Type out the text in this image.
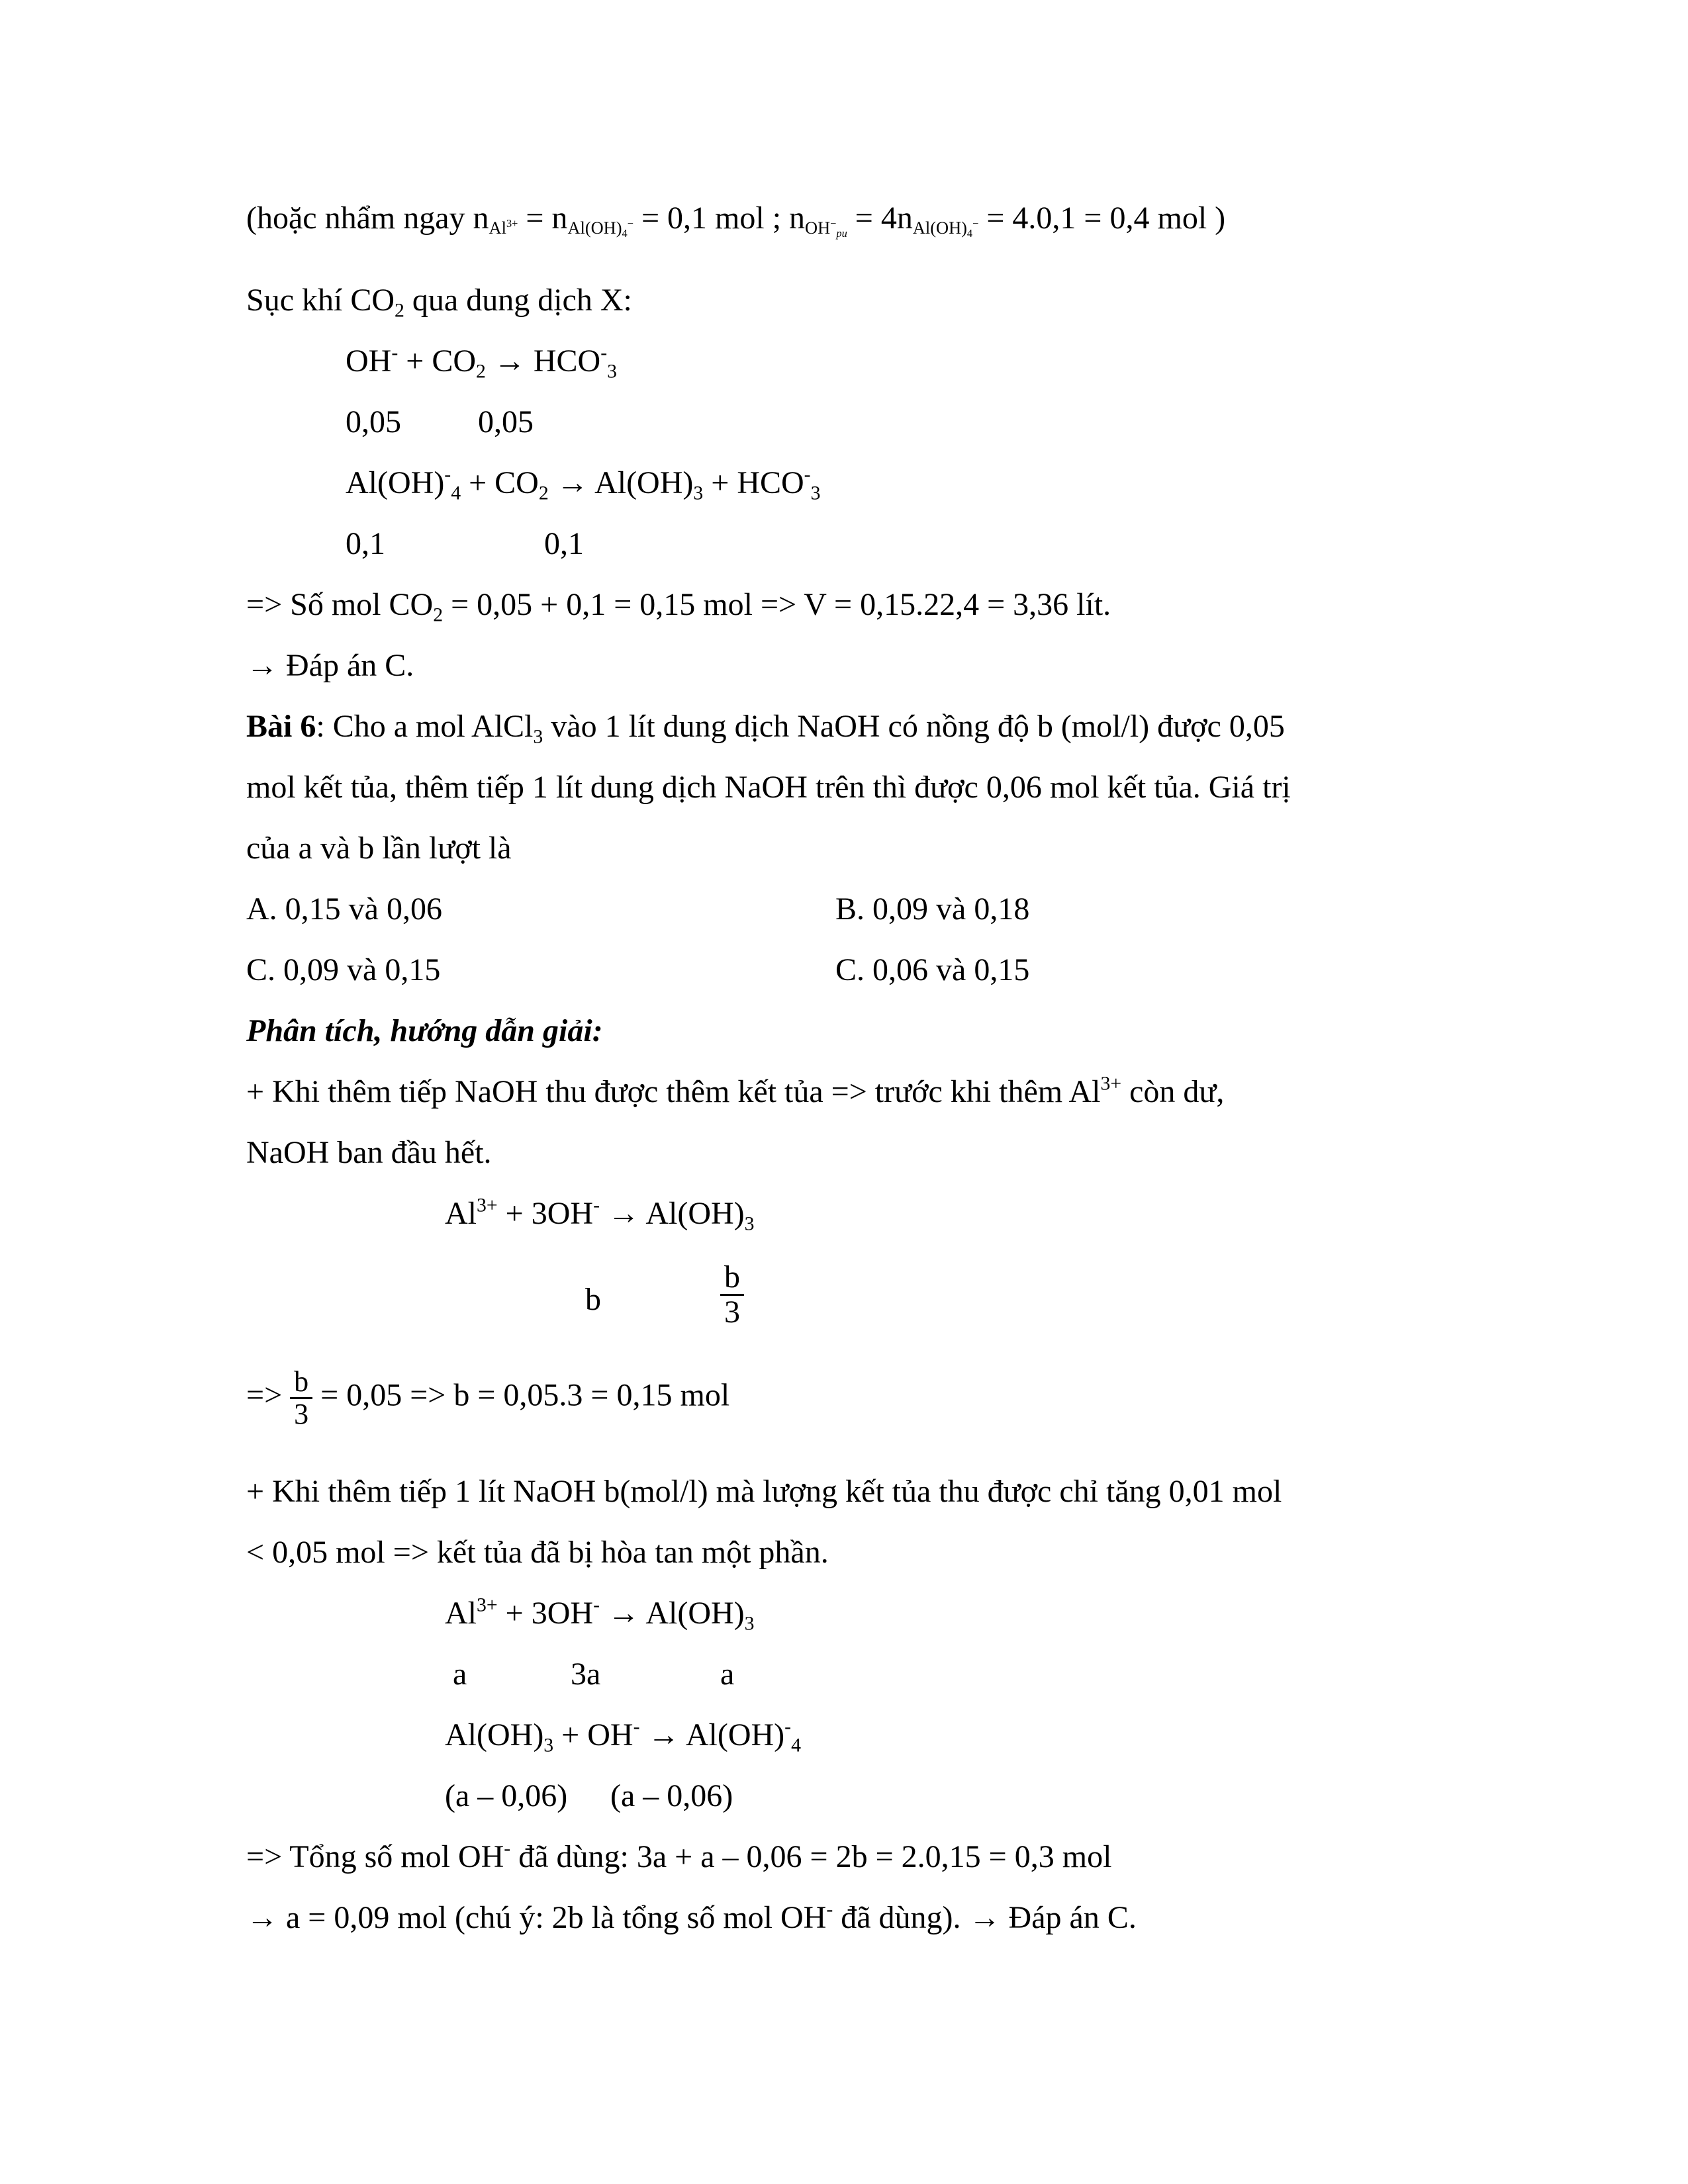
(hoặc nhẩm ngay $n_{Al^{3+}} = n_{Al(OH)_4^-} = 0,1$ mol ; $n_{OH^-_{pu}} = 4n_{Al(OH)_4^-} = 4.0,1 = 0,4$ mol )
Sục khí $CO_2$ qua dung dịch X:
$OH^- + CO_2 \to HCO^-_3$
0,05 0,05
$Al(OH)^-_4 + CO_2 \to Al(OH)_3 + HCO^-_3$
0,1	0,1
=> Số mol $CO_2 = 0,05 + 0,1 = 0,15$ mol => V = 0,15.22,4 = 3,36 lít.
→ Đáp án C.
Bài 6: Cho a mol AlCl$_3$ vào 1 lít dung dịch NaOH có nồng độ b (mol/l) được 0,05
mol kết tủa, thêm tiếp 1 lít dung dịch NaOH trên thì được 0,06 mol kết tủa. Giá trị
của a và b lần lượt là
A. 0,15 và 0,06	B. 0,09 và 0,18
C. 0,09 và 0,15	C. 0,06 và 0,15
Phân tích, hướng dẫn giải:
+ Khi thêm tiếp NaOH thu được thêm kết tủa => trước khi thêm $Al^{3+}$ còn dư,
NaOH ban đầu hết.
$Al^{3+} + 3OH^- \to Al(OH)_3$
b	$\frac{b}{3}$
=> $\frac{b}{3} = 0,05 => b = 0,05.3 = 0,15$ mol
+ Khi thêm tiếp 1 lít NaOH b(mol/l) mà lượng kết tủa thu được chỉ tăng 0,01 mol
< 0,05 mol => kết tủa đã bị hòa tan một phần.
$Al^{3+} + 3OH^- \to Al(OH)_3$
a	3a	a
$Al(OH)_3 + OH^- \to Al(OH)^-_4$
(a – 0,06) (a – 0,06)
=> Tổng số mol OH- đã dùng: 3a + a – 0,06 = 2b = 2.0,15 = 0,3 mol
→ a = 0,09 mol (chú ý: 2b là tổng số mol OH- đã dùng). → Đáp án C.
